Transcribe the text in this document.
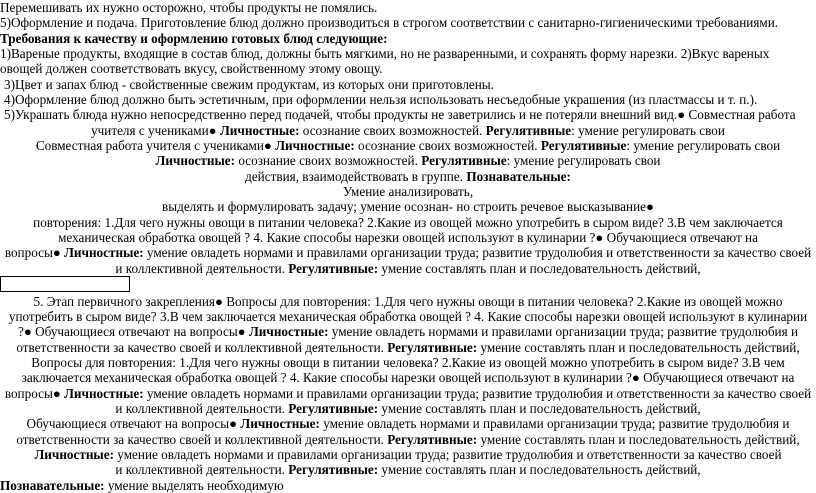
Перемешивать их нужно осторожно, чтобы продукты не помялись.
5)Оформление и подача. Приготовление блюд должно производиться в строгом соответствии с санитарно-гигиеническими требованиями.
Требования к качеству и оформлению готовых блюд следующие:
1)Вареные продукты, входящие в состав блюд, должны быть мягкими, но не разваренными, и сохранять форму нарезки. 2)Вкус вареных
овощей должен соответствовать вкусу, свойственному этому овощу.
3)Цвет и запах блюд - свойственные свежим продуктам, из которых они приготовлены.
4)Оформление блюд должно быть эстетичным, при оформлении нельзя использовать несъедобные украшения (из пластмассы и т. п.).
5)Украшать блюда нужно непосредственно перед подачей, чтобы продукты не заветрились и не потеряли внешний вид.● Совместная работа
учителя с учениками● Личностные: осознание своих возможностей. Регулятивные: умение регулировать свои
Совместная работа учителя с учениками● Личностные: осознание своих возможностей. Регулятивные: умение регулировать свои
Личностные: осознание своих возможностей. Регулятивные: умение регулировать свои
действия, взаимодействовать в группе. Познавательные:
Умение анализировать,
выделять и формулировать задачу; умение осознан- но строить речевое высказывание●
повторения: 1.Для чего нужны овощи в питании человека? 2.Какие из овощей можно употребить в сыром виде? 3.В чем заключается
механическая обработка овощей ? 4. Какие способы нарезки овощей используют в кулинарии ?● Обучающиеся отвечают на
вопросы● Личностные: умение овладеть нормами и правилами организации труда; развитие трудолюбия и ответственности за качество своей
и коллективной деятельности. Регулятивные: умение составлять план и последовательность действий,
5. Этап первичного закрепления● Вопросы для повторения: 1.Для чего нужны овощи в питании человека? 2.Какие из овощей можно
употребить в сыром виде? 3.В чем заключается механическая обработка овощей ? 4. Какие способы нарезки овощей используют в кулинарии
?● Обучающиеся отвечают на вопросы● Личностные: умение овладеть нормами и правилами организации труда; развитие трудолюбия и
ответственности за качество своей и коллективной деятельности. Регулятивные: умение составлять план и последовательность действий,
Вопросы для повторения: 1.Для чего нужны овощи в питании человека? 2.Какие из овощей можно употребить в сыром виде? 3.В чем
заключается механическая обработка овощей ? 4. Какие способы нарезки овощей используют в кулинарии ?● Обучающиеся отвечают на
вопросы● Личностные: умение овладеть нормами и правилами организации труда; развитие трудолюбия и ответственности за качество своей
и коллективной деятельности. Регулятивные: умение составлять план и последовательность действий,
Обучающиеся отвечают на вопросы● Личностные: умение овладеть нормами и правилами организации труда; развитие трудолюбия и
ответственности за качество своей и коллективной деятельности. Регулятивные: умение составлять план и последовательность действий,
Личностные: умение овладеть нормами и правилами организации труда; развитие трудолюбия и ответственности за качество своей
и коллективной деятельности. Регулятивные: умение составлять план и последовательность действий,
Познавательные: умение выделять необходимую
